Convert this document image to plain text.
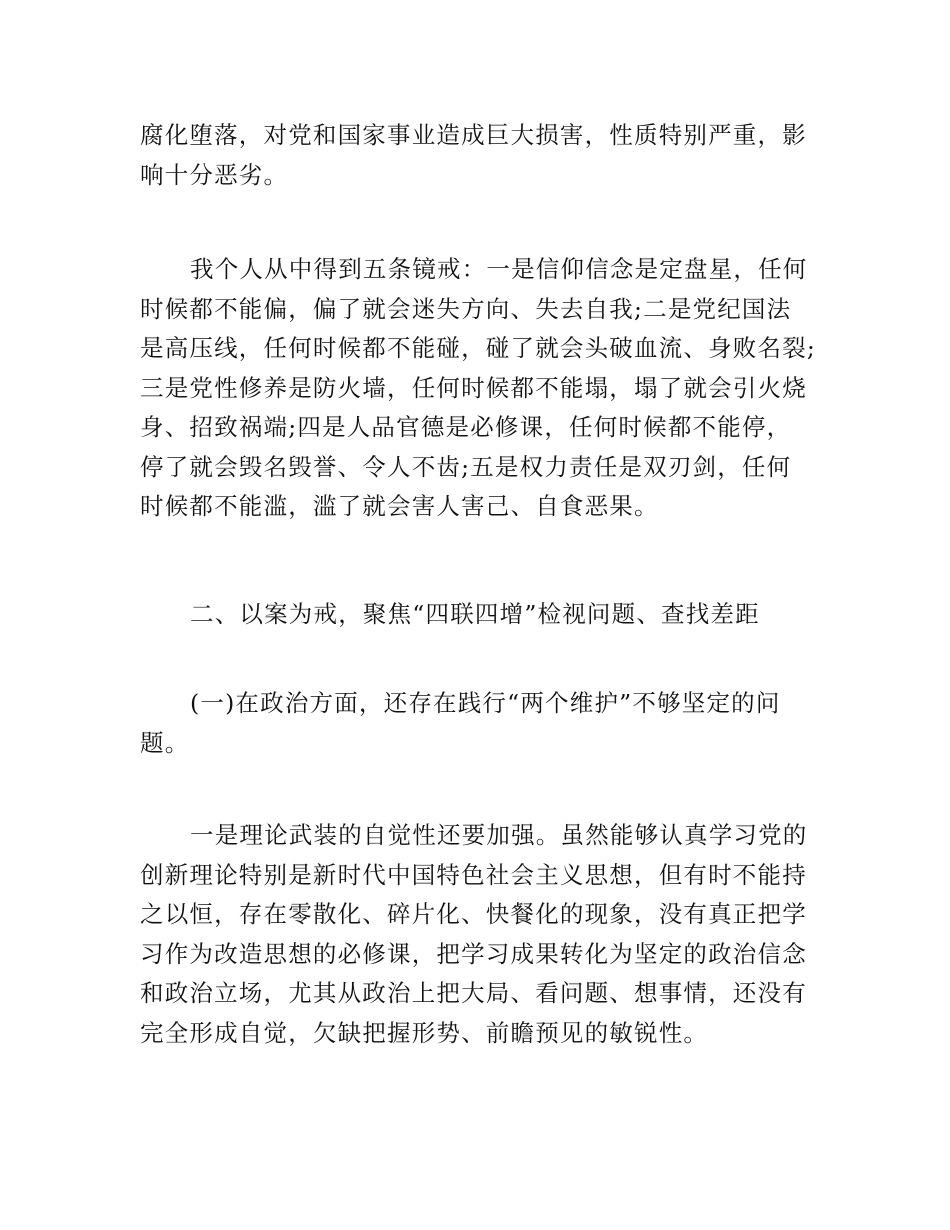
腐化堕落，对党和国家事业造成巨大损害，性质特别严重，影
响十分恶劣。
我个人从中得到五条镜戒：一是信仰信念是定盘星，任何
时候都不能偏，偏了就会迷失方向、失去自我;二是党纪国法
是高压线，任何时候都不能碰，碰了就会头破血流、身败名裂;
三是党性修养是防火墙，任何时候都不能塌，塌了就会引火烧
身、招致祸端;四是人品官德是必修课，任何时候都不能停，
停了就会毁名毁誉、令人不齿;五是权力责任是双刃剑，任何
时候都不能滥，滥了就会害人害己、自食恶果。
二、以案为戒，聚焦“四联四增”检视问题、查找差距
(一)在政治方面，还存在践行“两个维护”不够坚定的问
题。
一是理论武装的自觉性还要加强。虽然能够认真学习党的
创新理论特别是新时代中国特色社会主义思想，但有时不能持
之以恒，存在零散化、碎片化、快餐化的现象，没有真正把学
习作为改造思想的必修课，把学习成果转化为坚定的政治信念
和政治立场，尤其从政治上把大局、看问题、想事情，还没有
完全形成自觉，欠缺把握形势、前瞻预见的敏锐性。
